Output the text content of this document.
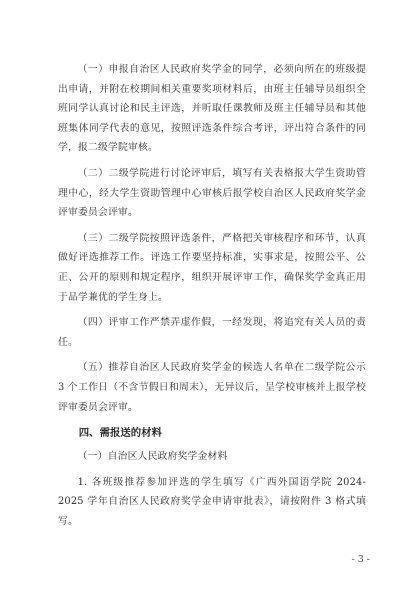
（一）申报自治区人民政府奖学金的同学，必须向所在的班级提出申请，并附在校期间相关重要奖项材料后，由班主任辅导员组织全班同学认真讨论和民主评选，并听取任课教师及班主任辅导员和其他班集体同学代表的意见，按照评选条件综合考评，评出符合条件的同学，报二级学院审核。

（二）二级学院进行讨论评审后，填写有关表格报大学生资助管理中心，经大学生资助管理中心审核后报学校自治区人民政府奖学金评审委员会评审。

（三）二级学院按照评选条件，严格把关审核程序和环节，认真做好评选推荐工作。评选工作要坚持标准，实事求是，按照公平、公正、公开的原则和规定程序，组织开展评审工作，确保奖学金真正用于品学兼优的学生身上。

（四）评审工作严禁弄虚作假，一经发现，将追究有关人员的责任。

（五）推荐自治区人民政府奖学金的候选人名单在二级学院公示 3 个工作日（不含节假日和周末），无异议后，呈学校审核并上报学校评审委员会评审。

四、需报送的材料

（一）自治区人民政府奖学金材料

1. 各班级推荐参加评选的学生填写《广西外国语学院 2024-2025 学年自治区人民政府奖学金申请审批表》，请按附件 3 格式填写。

- 3 -
